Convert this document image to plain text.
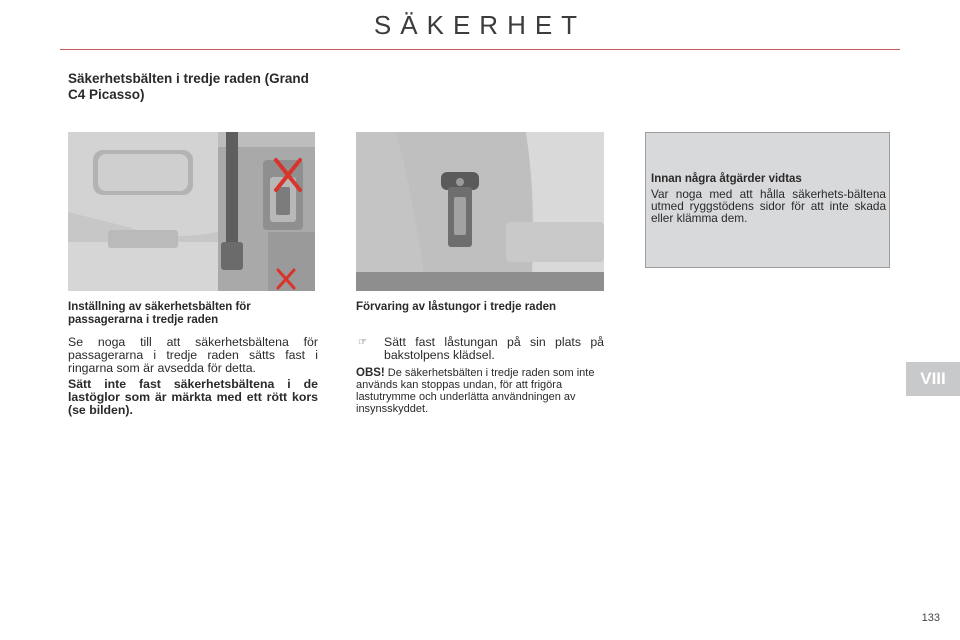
SÄKERHET
Säkerhetsbälten i tredje raden (Grand C4 Picasso)
Inställning av säkerhetsbälten för passagerarna i tredje raden
Förvaring av låstungor i tredje raden

Se noga till att säkerhetsbältena för passagerarna i tredje raden sätts fast i ringarna som är avsedda för detta.

Sätt inte fast säkerhetsbältena i de lastöglor som är märkta med ett rött kors (se bilden).

☞	Sätt fast låstungan på sin plats på bakstolpens klädsel.
OBS! De säkerhetsbälten i tredje raden som inte används kan stoppas undan, för att frigöra lastutrymme och underlätta användningen av insynsskyddet.
Innan några åtgärder vidtas
Var noga med att hålla säkerhets-bältena utmed ryggstödens sidor för att inte skada eller klämma dem.
VIII
133
